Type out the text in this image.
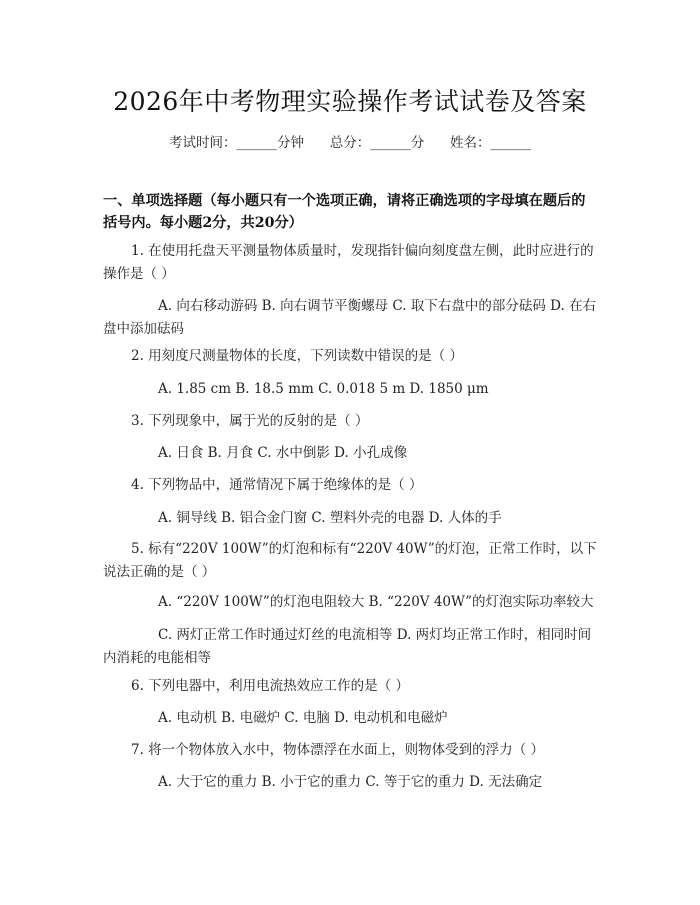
2026年中考物理实验操作考试试卷及答案
考试时间：______分钟      总分：______分      姓名：______
一、单项选择题（每小题只有一个选项正确，请将正确选项的字母填在题后的括号内。每小题2分，共20分）
1. 在使用托盘天平测量物体质量时，发现指针偏向刻度盘左侧，此时应进行的操作是（ ）
A. 向右移动游码 B. 向右调节平衡螺母 C. 取下右盘中的部分砝码 D. 在右盘中添加砝码
2. 用刻度尺测量物体的长度，下列读数中错误的是（ ）
A. 1.85 cm B. 18.5 mm C. 0.018 5 m D. 1850 μm
3. 下列现象中，属于光的反射的是（ ）
A. 日食 B. 月食 C. 水中倒影 D. 小孔成像
4. 下列物品中，通常情况下属于绝缘体的是（ ）
A. 铜导线 B. 铝合金门窗 C. 塑料外壳的电器 D. 人体的手
5. 标有“220V 100W”的灯泡和标有“220V 40W”的灯泡，正常工作时，以下说法正确的是（ ）
A. “220V 100W”的灯泡电阻较大 B. “220V 40W”的灯泡实际功率较大
C. 两灯正常工作时通过灯丝的电流相等 D. 两灯均正常工作时，相同时间内消耗的电能相等
6. 下列电器中，利用电流热效应工作的是（ ）
A. 电动机 B. 电磁炉 C. 电脑 D. 电动机和电磁炉
7. 将一个物体放入水中，物体漂浮在水面上，则物体受到的浮力（ ）
A. 大于它的重力 B. 小于它的重力 C. 等于它的重力 D. 无法确定
